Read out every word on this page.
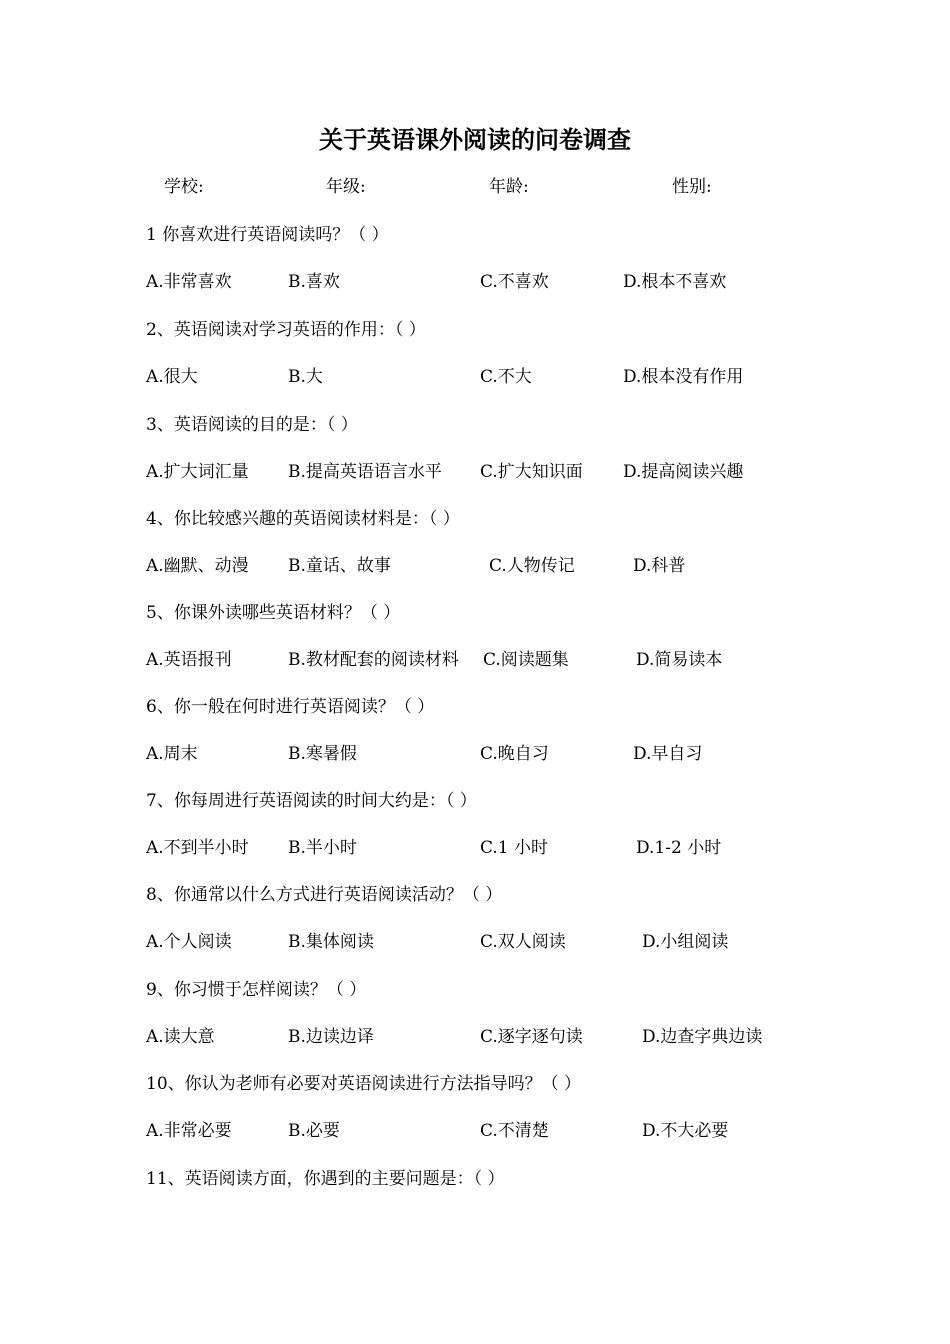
关于英语课外阅读的问卷调查
学校:	年级:	年龄:	性别:
1 你喜欢进行英语阅读吗？（ ）
A.非常喜欢	B.喜欢	C.不喜欢	D.根本不喜欢
2、英语阅读对学习英语的作用：（ ）
A.很大	B.大	C.不大	D.根本没有作用
3、英语阅读的目的是：（ ）
A.扩大词汇量 B.提高英语语言水平 C.扩大知识面 D.提高阅读兴趣
4、你比较感兴趣的英语阅读材料是：（ ）
A.幽默、动漫 B.童话、故事	C.人物传记	D.科普
5、你课外读哪些英语材料？（ ）
A.英语报刊	B.教材配套的阅读材料 C.阅读题集	D.简易读本
6、你一般在何时进行英语阅读？（ ）
A.周末	B.寒暑假	C.晚自习	D.早自习
7、你每周进行英语阅读的时间大约是：（ ）
A.不到半小时 B.半小时	C.1 小时	D.1-2 小时
8、你通常以什么方式进行英语阅读活动？（ ）
A.个人阅读	B.集体阅读	C.双人阅读	D.小组阅读
9、你习惯于怎样阅读？（ ）
A.读大意	B.边读边译	C.逐字逐句读	D.边查字典边读
10、你认为老师有必要对英语阅读进行方法指导吗？（ ）
A.非常必要	B.必要	C.不清楚	D.不大必要
11、英语阅读方面，你遇到的主要问题是：（ ）
